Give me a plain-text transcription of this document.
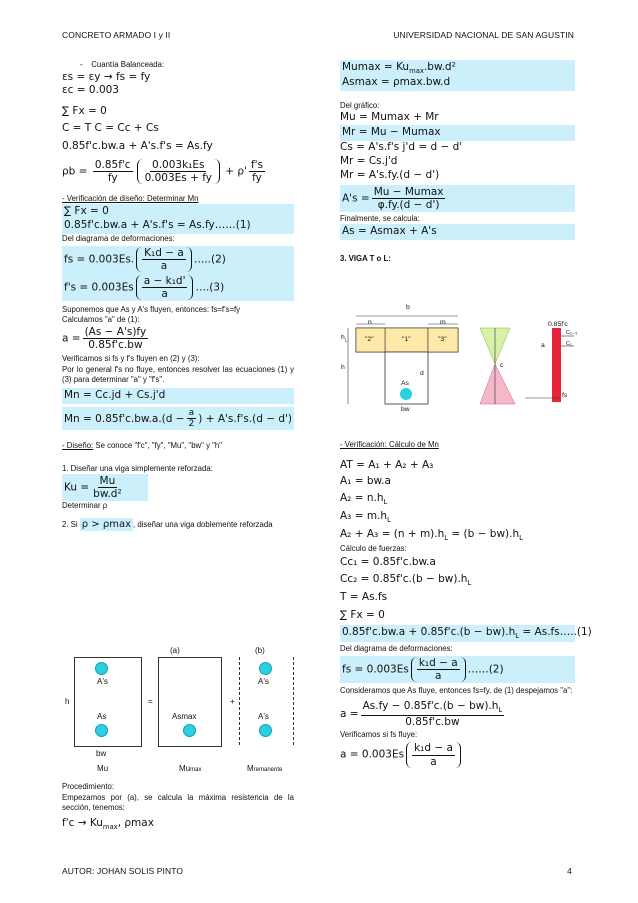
CONCRETO ARMADO I y II	UNIVERSIDAD NACIONAL DE SAN AGUSTIN
- Cuantía Balanceada:
εs = εy → fs = fy
εc = 0.003
∑ Fx = 0
C = T C = Cc + Cs
0.85f'c.bw.a + A's.f's = As.fy
$\rho b = \frac{0.85f'c}{fy} \frac{\text{0.003k₁Es}}{0.003Es + fy} + \rho' \frac{f's}{fy}$
- Verificación de diseño: Determinar Mn
∑ Fx = 0
0.85f'c.bw.a + A's.f's = As.fy……(1)
Del diagrama de deformaciones:
fs = 0.003Es. $\frac{\text{K₁d − a}}{a}$ …..(2)
$f's = 0.003Es \frac{\text{a − k₁d'}}{a}$ ….(3)
Suponemos que As y A's fluyen, entonces: fs=f's=fy
Calculamos "a" de (1):
$a = \frac{(As - A's)fy}{0.85f'c.bw}$
Verificamos si fs y f's fluyen en (2) y (3):
Por lo general f's no fluye, entonces resolver las ecuaciones (1) y (3) para determinar "a" y "f's".
Mn = Cc.jd + Cs.j'd
$Mn = 0.85f'c.bw.a.(d - \frac{a}{2}$ ) + A's.f's.(d − d')
- Diseño: Se conoce "f'c", "fy", "Mu", "bw" y "h"
1. Diseñar una viga simplemente reforzada:
$Ku = \frac{Mu}{\text{bw.d²}}$
Determinar ρ
2. Si ρ > ρmax , diseñar una viga doblemente reforzada
(a)	(b)
h
A's
As
=
Asmax
+
A's
A's
bw
Mu	Mumax	Mremanente
Procedimiento:
Empezamos por (a), se calcula la máxima resistencia de la sección, tenemos:
$f'c \to Ku_{max}$, ρmax
$Mumax = Ku_{max}.bw.d^2$
Asmax = ρmax.bw.d
Del gráfico:
Mu = Mumax + Mr
Mr = Mu − Mumax
Cs = A's.f's j'd = d − d'
Mr = Cs.j'd
Mr = A's.fy.(d − d')
$A's = \frac{Mu - Mumax}{\varphi.fy.(d - d')}$
Finalmente, se calcula:
As = Asmax + A's
3. VIGA T o L:
b
n	m
$h_L$
h
"2"	"1"	"3"
d
As
bw
c
a
0.85f'c
C₂₋₃
C₁
fs
- Verificación: Cálculo de Mn
AT = A₁ + A₂ + A₃
A₁ = bw.a
$A_2 = n.h_L$
$A_3 = m.h_L$
$A_2 + A_3 = (n + m).h_L = (b - bw).h_L$
Cálculo de fuerzas:
Cc₁ = 0.85f'c.bw.a
$Cc_2 = 0.85f'c.(b - bw).h_L$
T = As.fs
∑ Fx = 0
$0.85f'c.bw.a + 0.85f'c.(b - bw).h_L$ = As.fs…..(1)
Del diagrama de deformaciones:
fs = $0.003Es \frac{\text{k₁d − a}}{a}$ ……(2)
Consideramos que As fluye, entonces fs=fy, de (1) despejamos "a":
$a = \frac{As.fy - 0.85f'c.(b - bw).h_L}{0.85f'c.bw}$
Verificamos si fs fluye:
$a = 0.003Es \frac{\text{k₁d − a}}{a}$
AUTOR: JOHAN SOLIS PINTO	4
